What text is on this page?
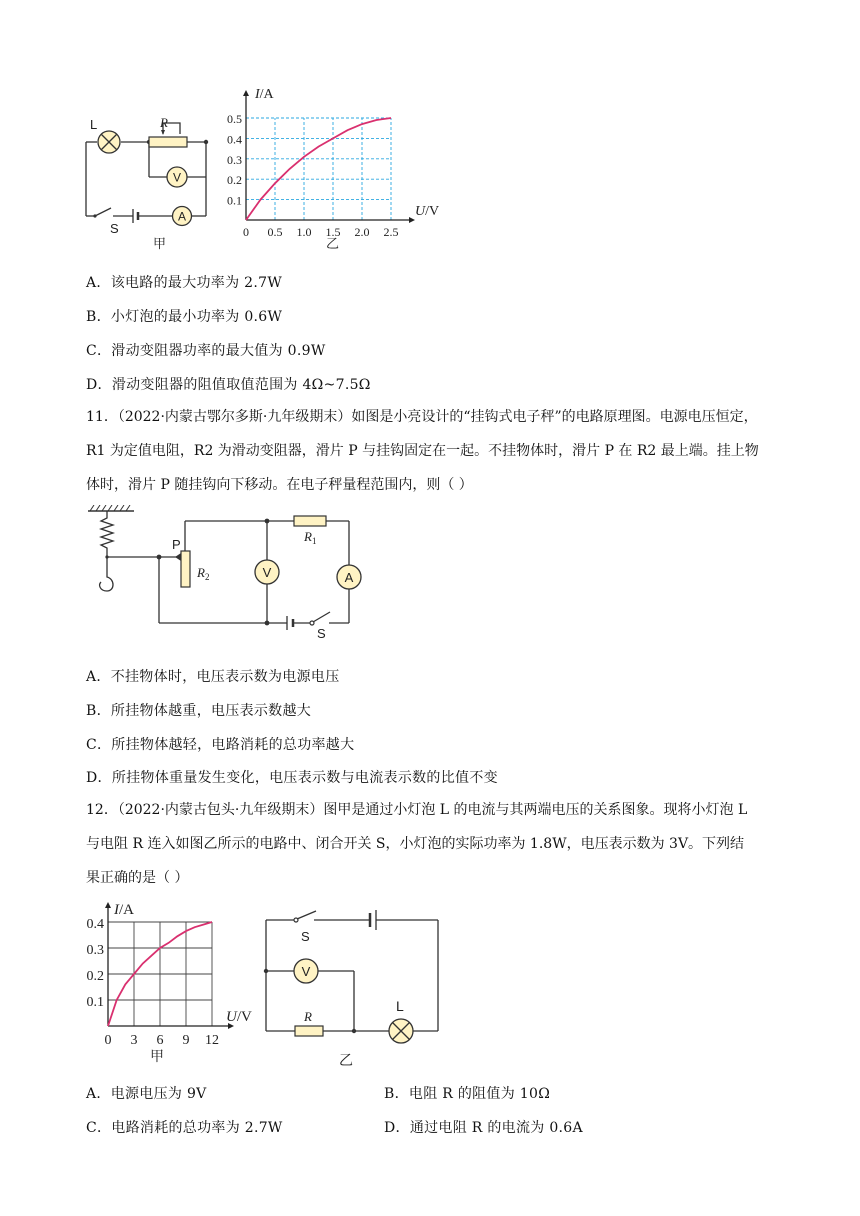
V
A
L	R
S
甲
0 0.5 1.0 1.5 2.0 2.5
0.1
0.2
0.3
0.4
0.5
I/A
U/V
乙
A．该电路的最大功率为 2.7W
B．小灯泡的最小功率为 0.6W
C．滑动变阻器功率的最大值为 0.9W
D．滑动变阻器的阻值取值范围为 4Ω~7.5Ω
11．（2022·内蒙古鄂尔多斯·九年级期末）如图是小亮设计的“挂钩式电子秤”的电路原理图。电源电压恒定，
R1 为定值电阻，R2 为滑动变阻器，滑片 P 与挂钩固定在一起。不挂物体时，滑片 P 在 R2 最上端。挂上物
体时，滑片 P 随挂钩向下移动。在电子秤量程范围内，则（ ）
V	A
P
$R_2$
$R_1$
S
A．不挂物体时，电压表示数为电源电压
B．所挂物体越重，电压表示数越大
C．所挂物体越轻，电路消耗的总功率越大
D．所挂物体重量发生变化，电压表示数与电流表示数的比值不变
12．（2022·内蒙古包头·九年级期末）图甲是通过小灯泡 L 的电流与其两端电压的关系图象。现将小灯泡 L
与电阻 R 连入如图乙所示的电路中、闭合开关 S，小灯泡的实际功率为 1.8W，电压表示数为 3V。下列结
果正确的是（ ）
0 3 6 9 12
0.1
0.2
0.3
0.4
I/A
U/V
甲
V
S
R
L
乙
A．电源电压为 9V	B．电阻 R 的阻值为 10Ω
C．电路消耗的总功率为 2.7W	D．通过电阻 R 的电流为 0.6A
